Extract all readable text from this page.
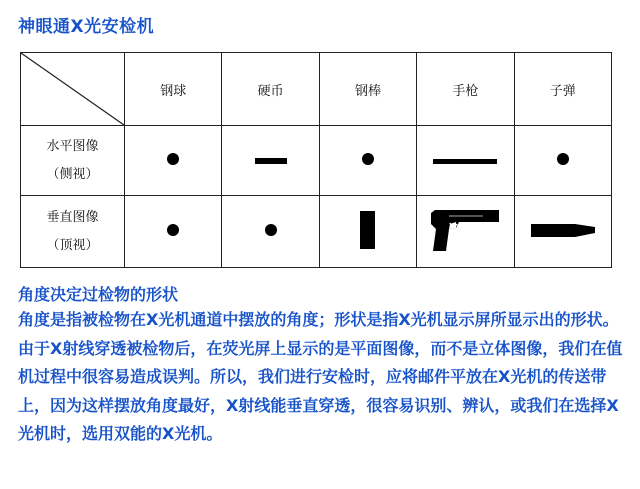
神眼通X光安检机
	钢球	硬币	钢棒	手枪	子弹

水平图像
（侧视）					

垂直图像
（顶视）

角度决定过检物的形状

角度是指被检物在X光机通道中摆放的角度；形状是指X光机显示屏所显示出的形状。由于X射线穿透被检物后，在荧光屏上显示的是平面图像，而不是立体图像，我们在值机过程中很容易造成误判。所以，我们进行安检时，应将邮件平放在X光机的传送带上，因为这样摆放角度最好，X射线能垂直穿透，很容易识别、辨认，或我们在选择X光机时，选用双能的X光机。
